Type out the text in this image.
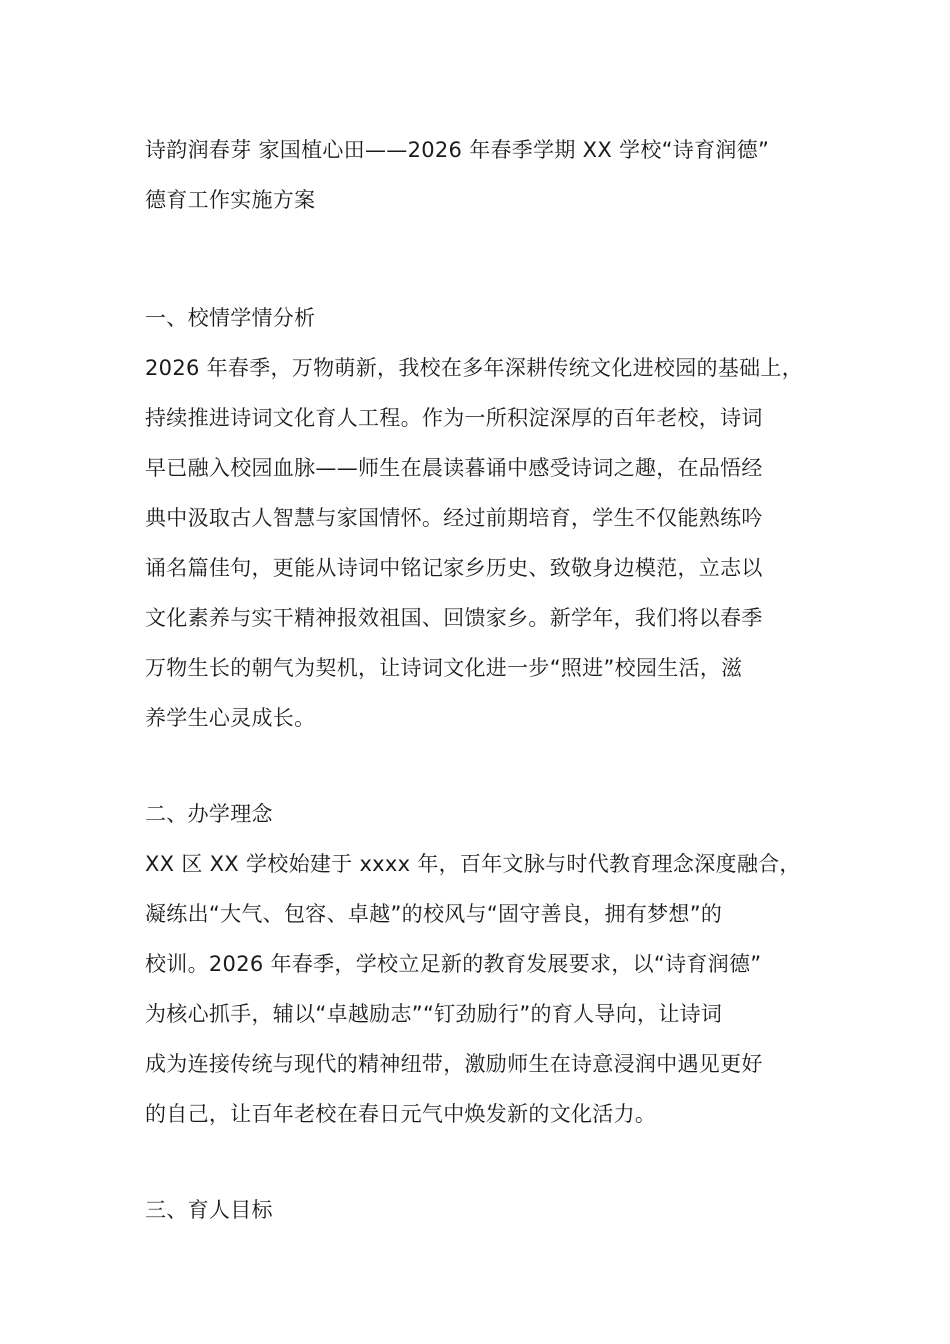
诗韵润春芽 家国植心田——2026 年春季学期 XX 学校“诗育润德”
德育工作实施方案
一、校情学情分析
2026 年春季，万物萌新，我校在多年深耕传统文化进校园的基础上，
持续推进诗词文化育人工程。作为一所积淀深厚的百年老校，诗词
早已融入校园血脉——师生在晨读暮诵中感受诗词之趣，在品悟经
典中汲取古人智慧与家国情怀。经过前期培育，学生不仅能熟练吟
诵名篇佳句，更能从诗词中铭记家乡历史、致敬身边模范，立志以
文化素养与实干精神报效祖国、回馈家乡。新学年，我们将以春季
万物生长的朝气为契机，让诗词文化进一步“照进”校园生活，滋
养学生心灵成长。
二、办学理念
XX 区 XX 学校始建于 xxxx 年，百年文脉与时代教育理念深度融合，
凝练出“大气、包容、卓越”的校风与“固守善良，拥有梦想”的
校训。2026 年春季，学校立足新的教育发展要求，以“诗育润德”
为核心抓手，辅以“卓越励志”“钉劲励行”的育人导向，让诗词
成为连接传统与现代的精神纽带，激励师生在诗意浸润中遇见更好
的自己，让百年老校在春日元气中焕发新的文化活力。
三、育人目标
